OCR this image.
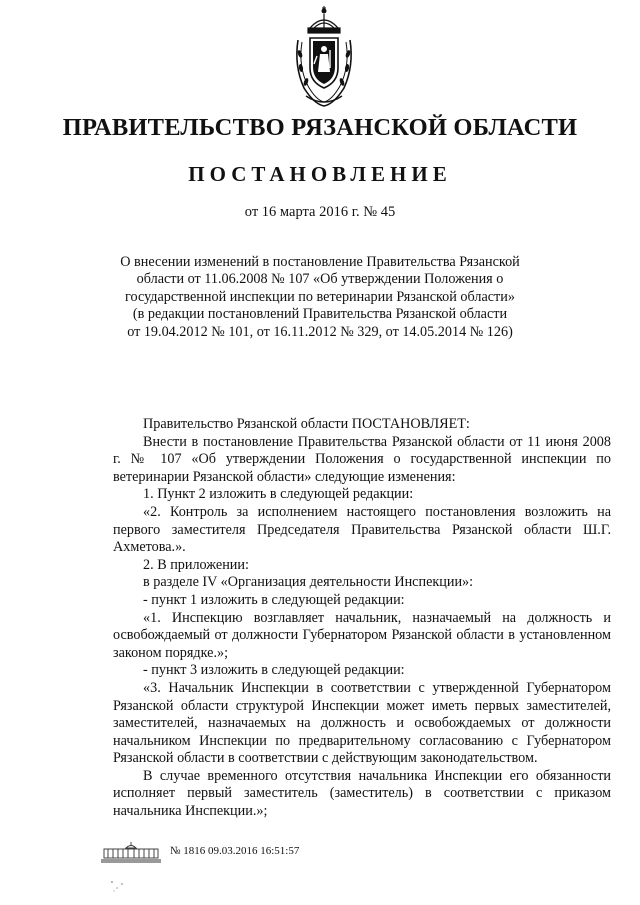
ПРАВИТЕЛЬСТВО РЯЗАНСКОЙ ОБЛАСТИ
ПОСТАНОВЛЕНИЕ
от 16 марта 2016 г. № 45
О внесении изменений в постановление Правительства Рязанской
области от 11.06.2008 № 107 «Об утверждении Положения о
государственной инспекции по ветеринарии Рязанской области»
(в редакции постановлений Правительства Рязанской области
от 19.04.2012 № 101, от 16.11.2012 № 329, от 14.05.2014 № 126)

Правительство Рязанской области ПОСТАНОВЛЯЕТ:

Внести в постановление Правительства Рязанской области от 11 июня 2008 г. № 107 «Об утверждении Положения о государственной инспекции по ветеринарии Рязанской области» следующие изменения:

1. Пункт 2 изложить в следующей редакции:

«2. Контроль за исполнением настоящего постановления возложить на первого заместителя Председателя Правительства Рязанской области Ш.Г. Ахметова.».

2. В приложении:

в разделе IV «Организация деятельности Инспекции»:

- пункт 1 изложить в следующей редакции:

«1. Инспекцию возглавляет начальник, назначаемый на должность и освобождаемый от должности Губернатором Рязанской области в установленном законом порядке.»;

- пункт 3 изложить в следующей редакции:

«3. Начальник Инспекции в соответствии с утвержденной Губернатором Рязанской области структурой Инспекции может иметь первых заместителей, заместителей, назначаемых на должность и освобождаемых от должности начальником Инспекции по предварительному согласованию с Губернатором Рязанской области в соответствии с действующим законодательством.

В случае временного отсутствия начальника Инспекции его обязанности исполняет первый заместитель (заместитель) в соответствии с приказом начальника Инспекции.»;

№ 1816 09.03.2016 16:51:57
